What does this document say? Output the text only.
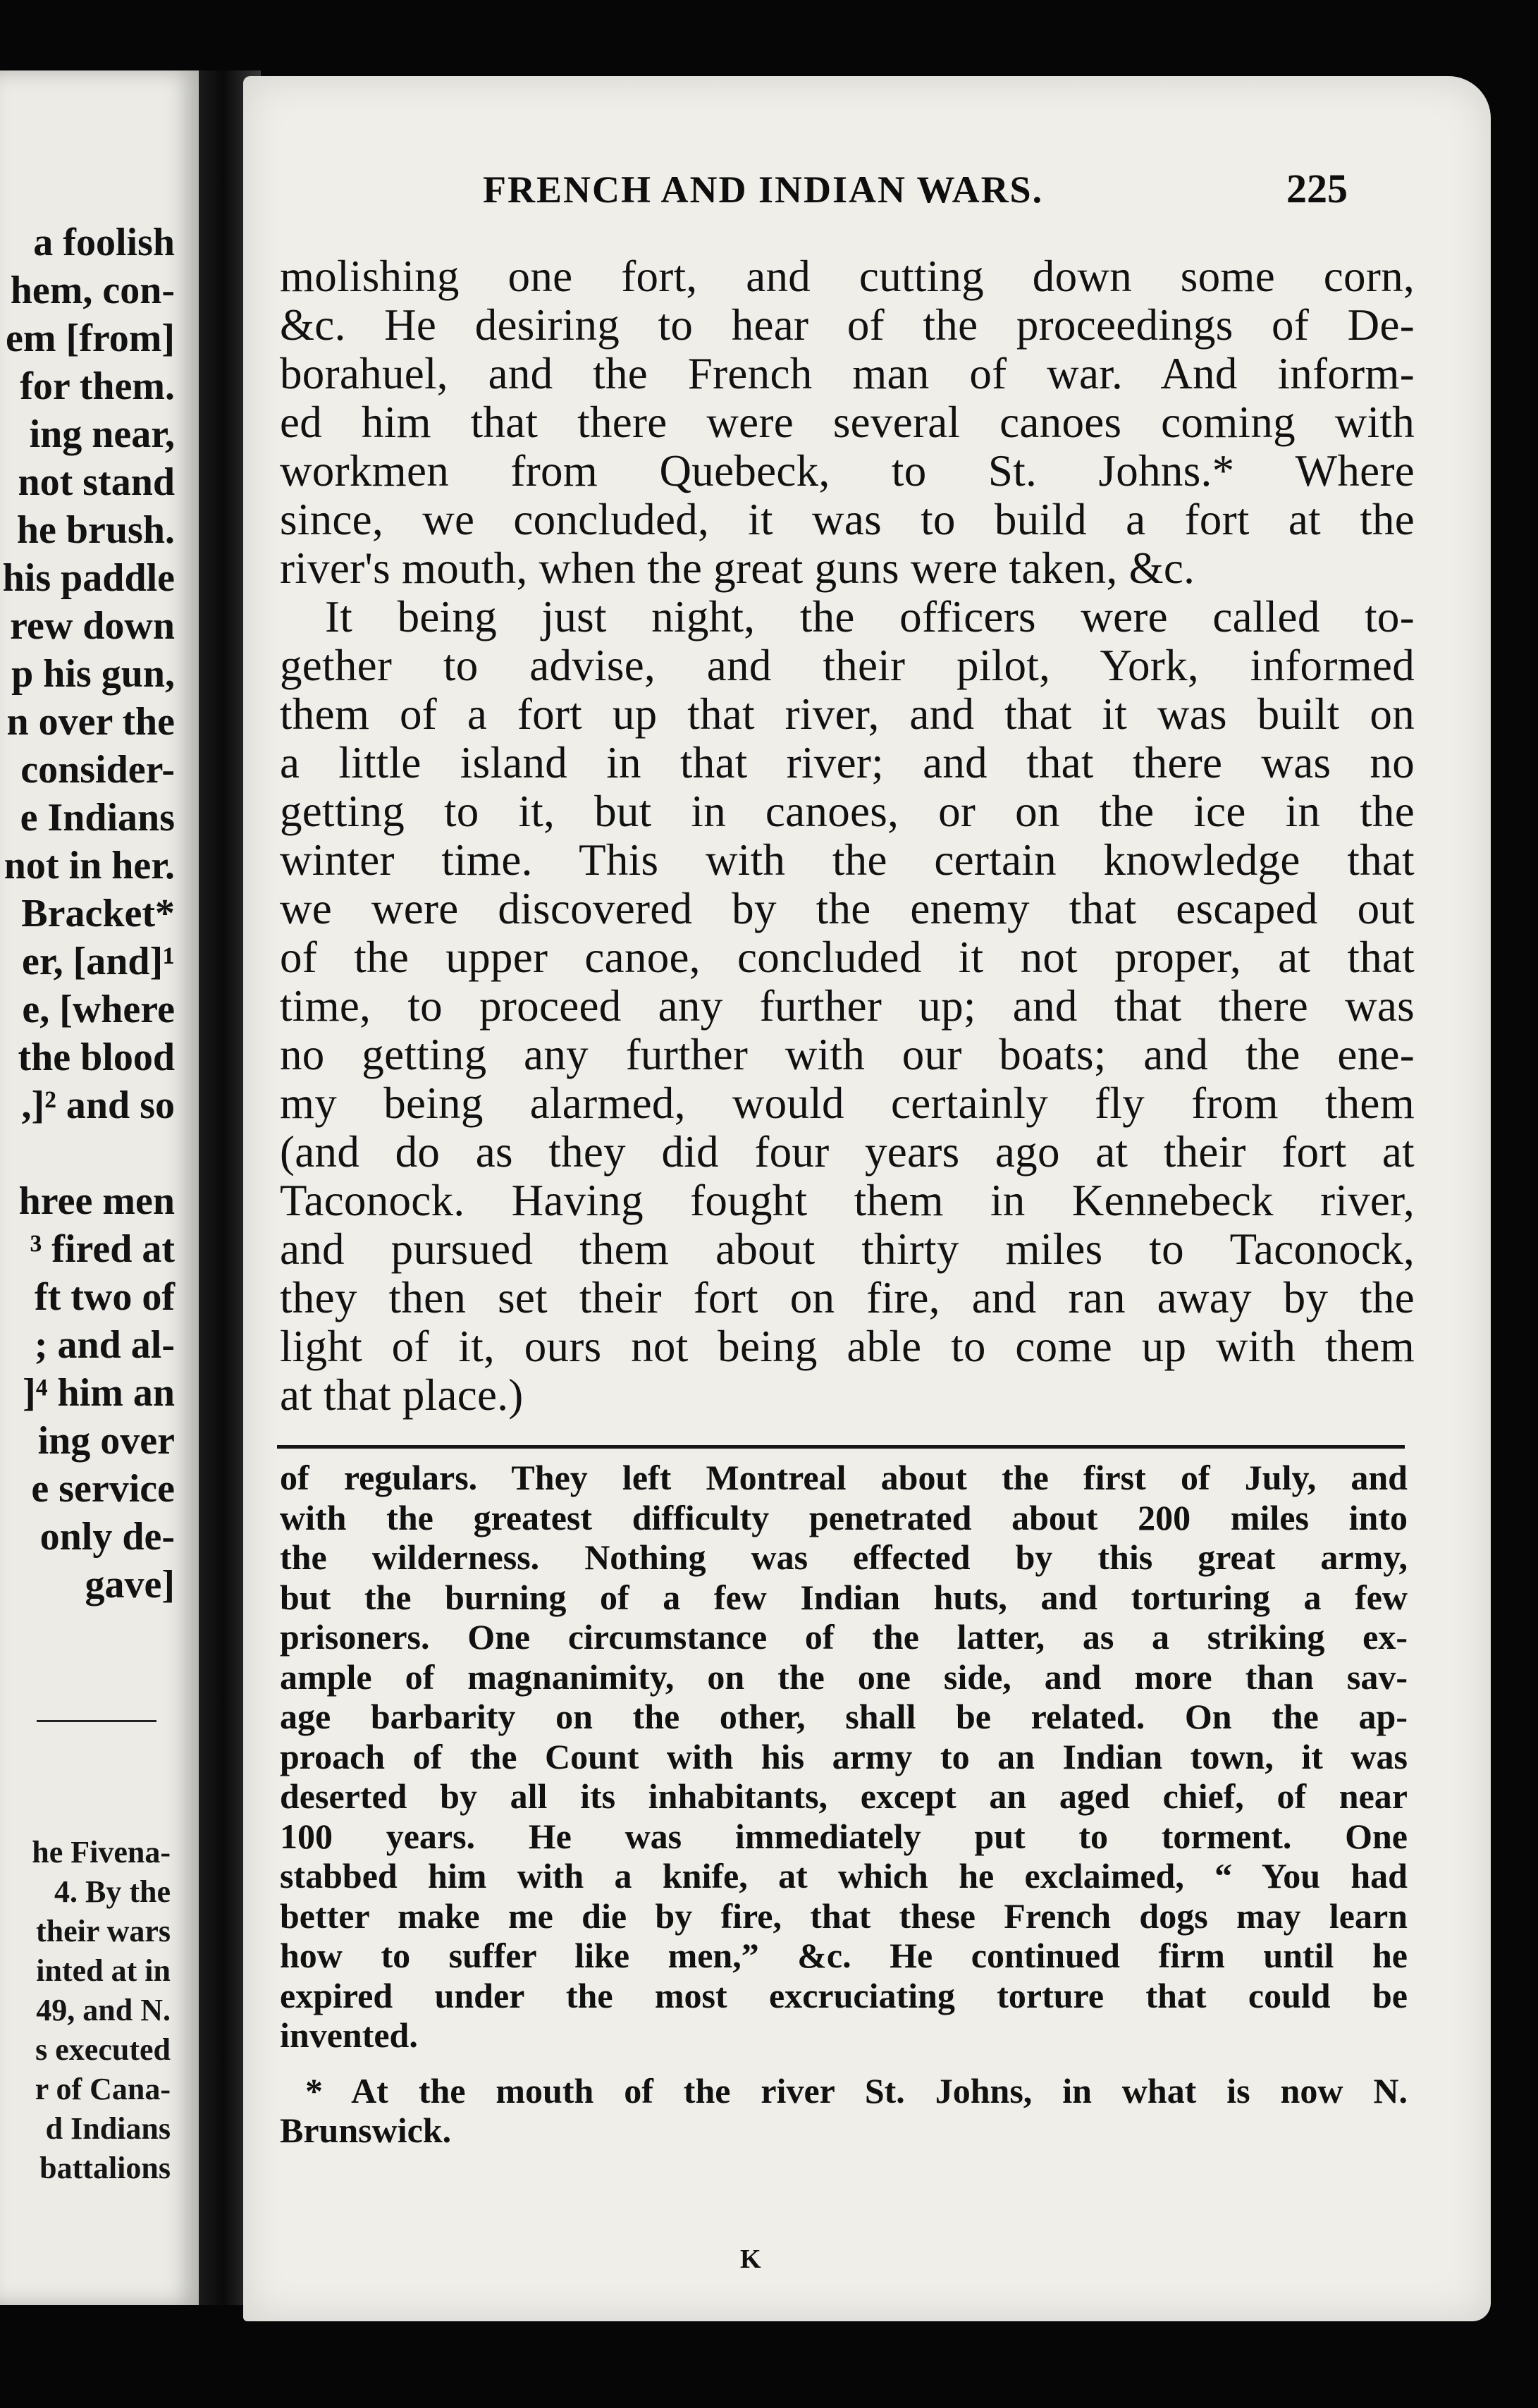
a foolish
hem, con-
em [from]
for them.
ing near,
not stand
he brush.
his paddle
rew down
p his gun,
n over the
consider-
e Indians
not in her.
Bracket*
er, [and]¹
e, [where
the blood
,]² and so

hree men
³ fired at
ft two of
; and al-
]⁴ him an
ing over
e service
only de-
gave]
he Fivena-
4. By the
their wars
inted at in
49, and N.
s executed
r of Cana-
d Indians
battalions
FRENCH AND INDIAN WARS.	225
molishing one fort, and cutting down some corn,
&c. He desiring to hear of the proceedings of De-
borahuel, and the French man of war. And inform-
ed him that there were several canoes coming with
workmen from Quebeck, to St. Johns.* Where
since, we concluded, it was to build a fort at the
river's mouth, when the great guns were taken, &c.
It being just night, the officers were called to-
gether to advise, and their pilot, York, informed
them of a fort up that river, and that it was built on
a little island in that river; and that there was no
getting to it, but in canoes, or on the ice in the
winter time. This with the certain knowledge that
we were discovered by the enemy that escaped out
of the upper canoe, concluded it not proper, at that
time, to proceed any further up; and that there was
no getting any further with our boats; and the ene-
my being alarmed, would certainly fly from them
(and do as they did four years ago at their fort at
Taconock. Having fought them in Kennebeck river,
and pursued them about thirty miles to Taconock,
they then set their fort on fire, and ran away by the
light of it, ours not being able to come up with them
at that place.)
of regulars. They left Montreal about the first of July, and
with the greatest difficulty penetrated about 200 miles into
the wilderness. Nothing was effected by this great army,
but the burning of a few Indian huts, and torturing a few
prisoners. One circumstance of the latter, as a striking ex-
ample of magnanimity, on the one side, and more than sav-
age barbarity on the other, shall be related. On the ap-
proach of the Count with his army to an Indian town, it was
deserted by all its inhabitants, except an aged chief, of near
100 years. He was immediately put to torment. One
stabbed him with a knife, at which he exclaimed, “ You had
better make me die by fire, that these French dogs may learn
how to suffer like men,” &c. He continued firm until he
expired under the most excruciating torture that could be
invented.
* At the mouth of the river St. Johns, in what is now N.
Brunswick.
K
